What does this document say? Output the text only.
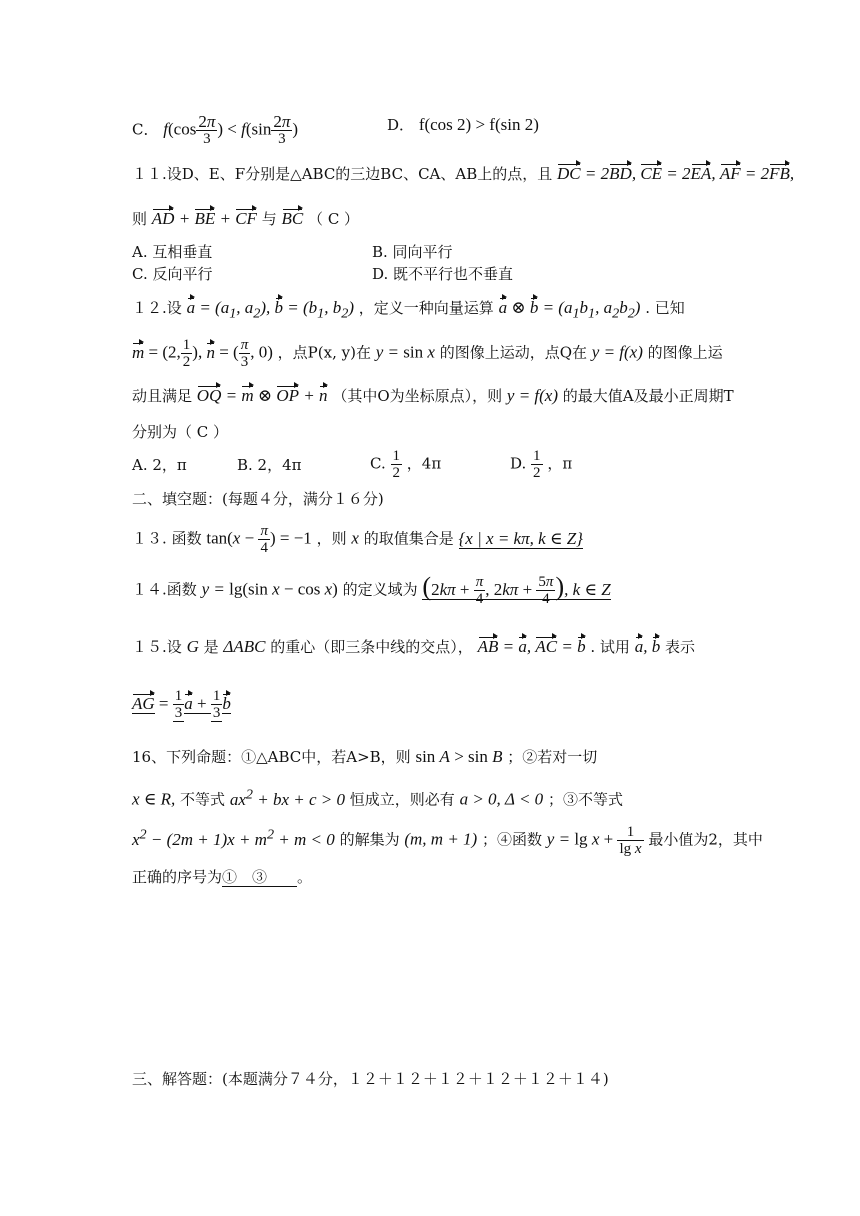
C． $f(\cos \frac{2\pi}{3}$ ) < $f(\sin \frac{2\pi}{3}$ )	D． f(cos 2) > f(sin 2)
１１.设D、E、F分别是△ABC的三边BC、CA、AB上的点，且 DC = 2BD, CE = 2EA, AF = 2FB,
则 AD + BE + CF 与 BC （ C ）
A. 互相垂直	B. 同向平行
C. 反向平行	D. 既不平行也不垂直
１２.设 $a = (a_1$, $a_2$), $b = (b_1$, $b_2$) ，定义一种向量运算 a ⊗ $b = (a_1b_1$, $a_2b_2$) . 已知
m = (2, $\frac{1}{2}$ ), n = ( $\frac{\pi}{3}$ , 0) ，点P(x, y)在 y = sin x 的图像上运动，点Q在 y = f(x) 的图像上运
动且满足 OQ = m ⊗ OP + n （其中O为坐标原点），则 y = f(x) 的最大值A及最小正周期T
分别为（ C ）
A. 2，π	B. 2，4π	C. $\frac{1}{2}$ ，4π	D. $\frac{1}{2}$ ，π
二、填空题：(每题４分，满分１６分)
１３. 函数 $\tan(x - \frac{\pi}{4}$ ) = −1 ，则 x 的取值集合是 {x | x = kπ, k ∈ Z}
１４.函数 y = lg(sin x − cos x) 的定义域为 ($2k\pi + \frac{\pi}{4}$ , $2k\pi + \frac{5\pi}{4}$ ), k ∈ Z
１５.设 G 是 ΔABC 的重心（即三条中线的交点）， AB = a, AC = b . 试用 a, b 表示
AG = $\frac{1}{3}$ $a + \frac{1}{3}$ b
16、下列命题：①△ABC中，若A>B，则 sin A > sin B ；②若对一切
x ∈ R, 不等式 $ax^2$ + bx + c > 0 恒成立，则必有 a > 0, Δ < 0 ；③不等式
$x^2 - (2m + 1)x + m^2 + m < 0$ 的解集为 (m, m + 1) ；④函数 $y = \lg x + \frac{1}{\text{lg x}}$ 最小值为2，其中
正确的序号为①　③ 。
三、解答题：(本题满分７４分，１２＋１２＋１２＋１２＋１２＋１４)
